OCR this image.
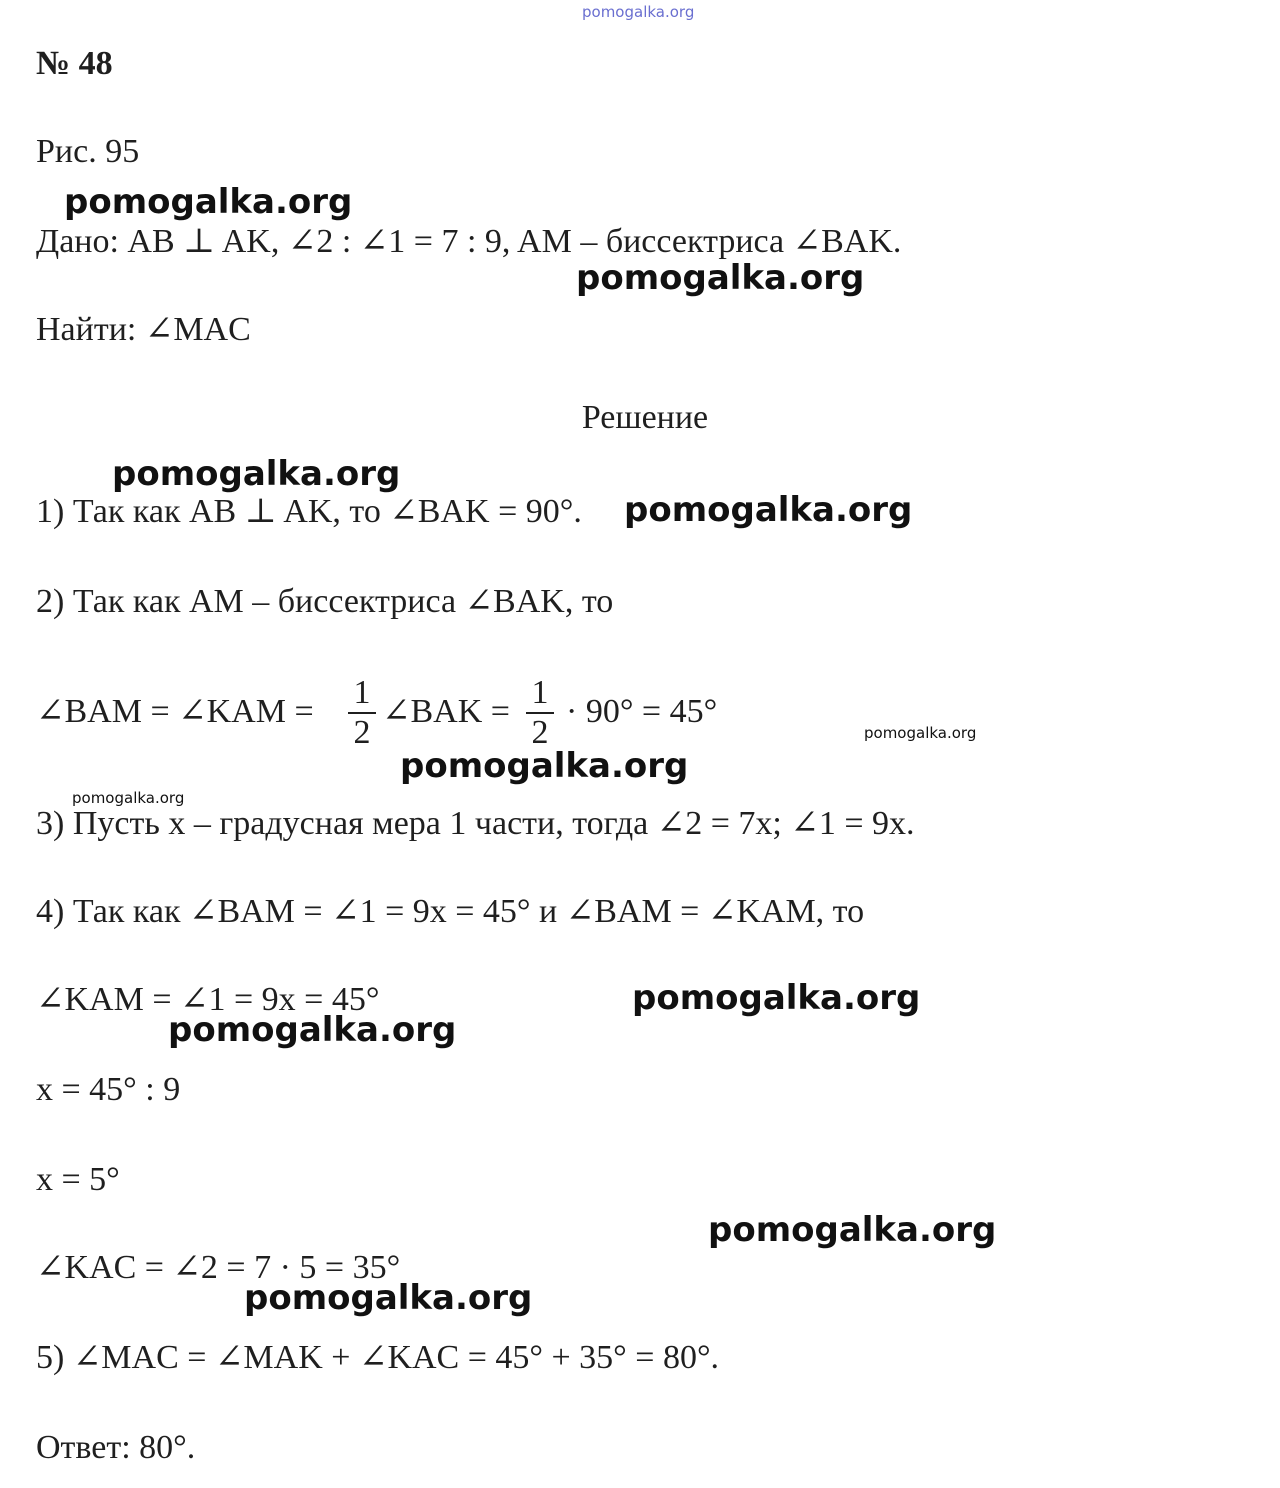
pomogalka.org

№ 48

Рис. 95

pomogalka.org

Дано: AB ⊥ AK, ∠2 : ∠1 = 7 : 9, AM – биссектриса ∠BAK.

pomogalka.org

Найти: ∠MAC

Решение

pomogalka.org

1) Так как AB ⊥ AK, то ∠BAK = 90°. pomogalka.org

2) Так как AM – биссектриса ∠BAK, то

∠BAM = ∠KAM =
1
2
∠BAK =
1
2
· 90° = 45°
pomogalka.org
pomogalka.org
pomogalka.org

3) Пусть x – градусная мера 1 части, тогда ∠2 = 7x; ∠1 = 9x.

4) Так как ∠BAM = ∠1 = 9x = 45° и ∠BAM = ∠KAM, то

∠KAM = ∠1 = 9x = 45°	pomogalka.org
pomogalka.org

x = 45° : 9

x = 5°

pomogalka.org

∠KAC = ∠2 = 7 · 5 = 35°

pomogalka.org

5) ∠MAC = ∠MAK + ∠KAC = 45° + 35° = 80°.

Ответ: 80°.
